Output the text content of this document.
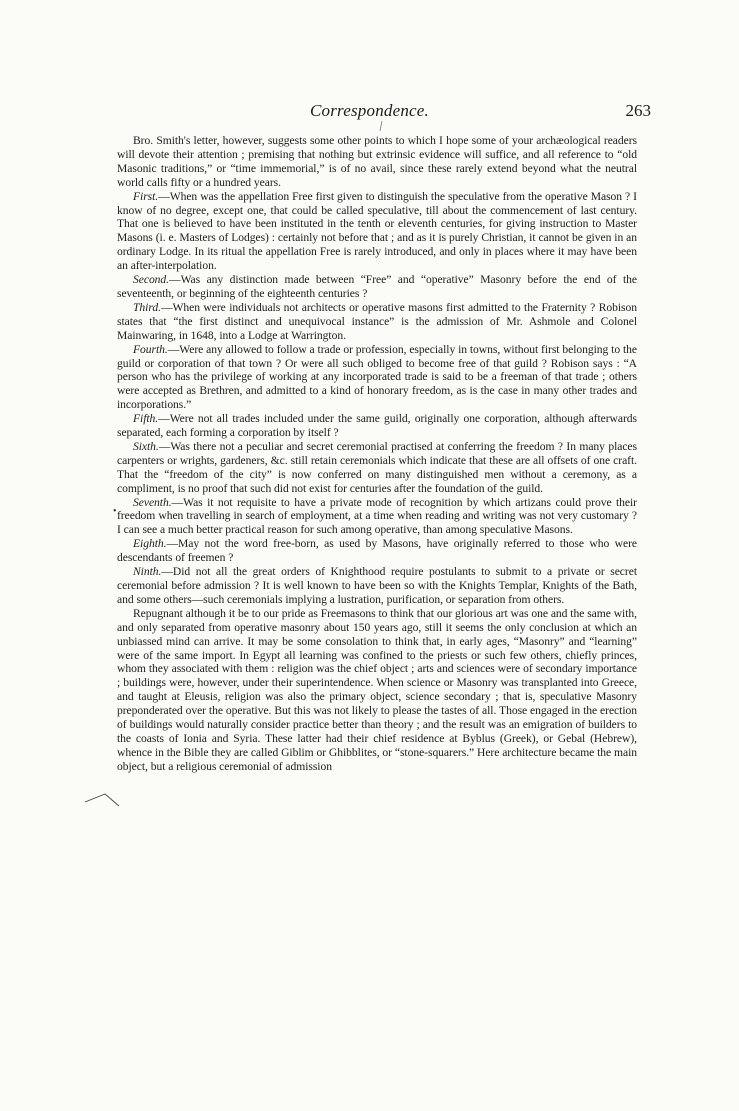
Correspondence.	263
•

Bro. Smith's letter, however, suggests some other points to which I hope some of your archæological readers will devote their attention ; premising that nothing but extrinsic evidence will suffice, and all reference to “old Masonic traditions,” or “time immemorial,” is of no avail, since these rarely extend beyond what the neutral world calls fifty or a hundred years.

First.—When was the appellation Free first given to distinguish the speculative from the operative Mason ? I know of no degree, except one, that could be called speculative, till about the commencement of last century. That one is believed to have been instituted in the tenth or eleventh centuries, for giving instruction to Master Masons (i. e. Masters of Lodges) : certainly not before that ; and as it is purely Christian, it cannot be given in an ordinary Lodge. In its ritual the appellation Free is rarely introduced, and only in places where it may have been an after-interpolation.

Second.—Was any distinction made between “Free” and “operative” Masonry before the end of the seventeenth, or beginning of the eighteenth centuries ?

Third.—When were individuals not architects or operative masons first admitted to the Fraternity ? Robison states that “the first distinct and unequivocal instance” is the admission of Mr. Ashmole and Colonel Mainwaring, in 1648, into a Lodge at Warrington.

Fourth.—Were any allowed to follow a trade or profession, especially in towns, without first belonging to the guild or corporation of that town ? Or were all such obliged to become free of that guild ? Robison says : “A person who has the privilege of working at any incorporated trade is said to be a freeman of that trade ; others were accepted as Brethren, and admitted to a kind of honorary freedom, as is the case in many other trades and incorporations.”

Fifth.—Were not all trades included under the same guild, originally one corporation, although afterwards separated, each forming a corporation by itself ?

Sixth.—Was there not a peculiar and secret ceremonial practised at conferring the freedom ? In many places carpenters or wrights, gardeners, &c. still retain ceremonials which indicate that these are all offsets of one craft. That the “freedom of the city” is now conferred on many distinguished men without a ceremony, as a compliment, is no proof that such did not exist for centuries after the foundation of the guild.

Seventh.—Was it not requisite to have a private mode of recognition by which artizans could prove their freedom when travelling in search of employment, at a time when reading and writing was not very customary ? I can see a much better practical reason for such among operative, than among speculative Masons.

Eighth.—May not the word free-born, as used by Masons, have originally referred to those who were descendants of freemen ?

Ninth.—Did not all the great orders of Knighthood require postulants to submit to a private or secret ceremonial before admission ? It is well known to have been so with the Knights Templar, Knights of the Bath, and some others—such ceremonials implying a lustration, purification, or separation from others.

Repugnant although it be to our pride as Freemasons to think that our glorious art was one and the same with, and only separated from operative masonry about 150 years ago, still it seems the only conclusion at which an unbiassed mind can arrive. It may be some consolation to think that, in early ages, “Masonry” and “learning” were of the same import. In Egypt all learning was confined to the priests or such few others, chiefly princes, whom they associated with them : religion was the chief object ; arts and sciences were of secondary importance ; buildings were, however, under their superintendence. When science or Masonry was transplanted into Greece, and taught at Eleusis, religion was also the primary object, science secondary ; that is, speculative Masonry preponderated over the operative. But this was not likely to please the tastes of all. Those engaged in the erection of buildings would naturally consider practice better than theory ; and the result was an emigration of builders to the coasts of Ionia and Syria. These latter had their chief residence at Byblus (Greek), or Gebal (Hebrew), whence in the Bible they are called Giblim or Ghibblites, or “stone-squarers.” Here architecture became the main object, but a religious ceremonial of admission
